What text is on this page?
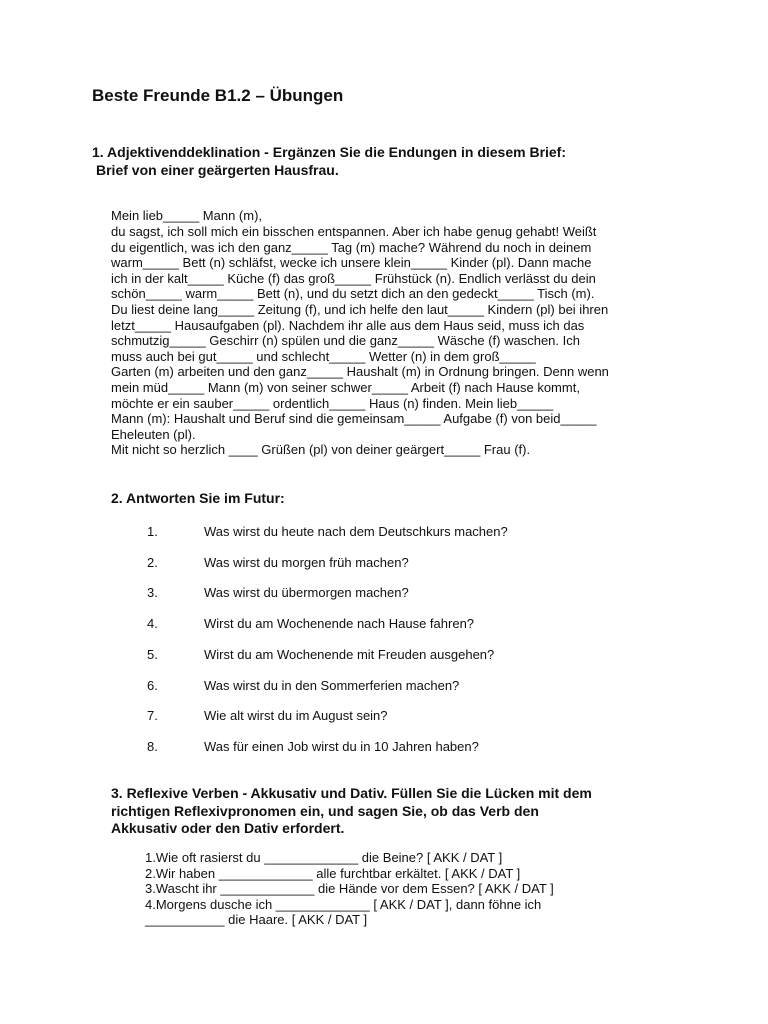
Beste Freunde B1.2 – Übungen
1. Adjektivenddeklination - Ergänzen Sie die Endungen in diesem Brief:
Brief von einer geärgerten Hausfrau.
Mein lieb_____ Mann (m),
du sagst, ich soll mich ein bisschen entspannen. Aber ich habe genug gehabt! Weißt
du eigentlich, was ich den ganz_____ Tag (m) mache? Während du noch in deinem
warm_____ Bett (n) schläfst, wecke ich unsere klein_____ Kinder (pl). Dann mache
ich in der kalt_____ Küche (f) das groß_____ Frühstück (n). Endlich verlässt du dein
schön_____ warm_____ Bett (n), und du setzt dich an den gedeckt_____ Tisch (m).
Du liest deine lang_____ Zeitung (f), und ich helfe den laut_____ Kindern (pl) bei ihren
letzt_____ Hausaufgaben (pl). Nachdem ihr alle aus dem Haus seid, muss ich das
schmutzig_____ Geschirr (n) spülen und die ganz_____ Wäsche (f) waschen. Ich
muss auch bei gut_____ und schlecht_____ Wetter (n) in dem groß_____
Garten (m) arbeiten und den ganz_____ Haushalt (m) in Ordnung bringen. Denn wenn
mein müd_____ Mann (m) von seiner schwer_____ Arbeit (f) nach Hause kommt,
möchte er ein sauber_____ ordentlich_____ Haus (n) finden. Mein lieb_____
Mann (m): Haushalt und Beruf sind die gemeinsam_____ Aufgabe (f) von beid_____
Eheleuten (pl).
Mit nicht so herzlich ____ Grüßen (pl) von deiner geärgert_____ Frau (f).
2. Antworten Sie im Futur:
1.	Was wirst du heute nach dem Deutschkurs machen?
2.	Was wirst du morgen früh machen?
3.	Was wirst du übermorgen machen?
4.	Wirst du am Wochenende nach Hause fahren?
5.	Wirst du am Wochenende mit Freuden ausgehen?
6.	Was wirst du in den Sommerferien machen?
7.	Wie alt wirst du im August sein?
8.	Was für einen Job wirst du in 10 Jahren haben?
3. Reflexive Verben - Akkusativ und Dativ. Füllen Sie die Lücken mit dem
richtigen Reflexivpronomen ein, und sagen Sie, ob das Verb den
Akkusativ oder den Dativ erfordert.
1.Wie oft rasierst du _____________ die Beine? [ AKK / DAT ]
2.Wir haben _____________ alle furchtbar erkältet. [ AKK / DAT ]
3.Wascht ihr _____________ die Hände vor dem Essen? [ AKK / DAT ]
4.Morgens dusche ich _____________ [ AKK / DAT ], dann föhne ich
___________ die Haare. [ AKK / DAT ]
